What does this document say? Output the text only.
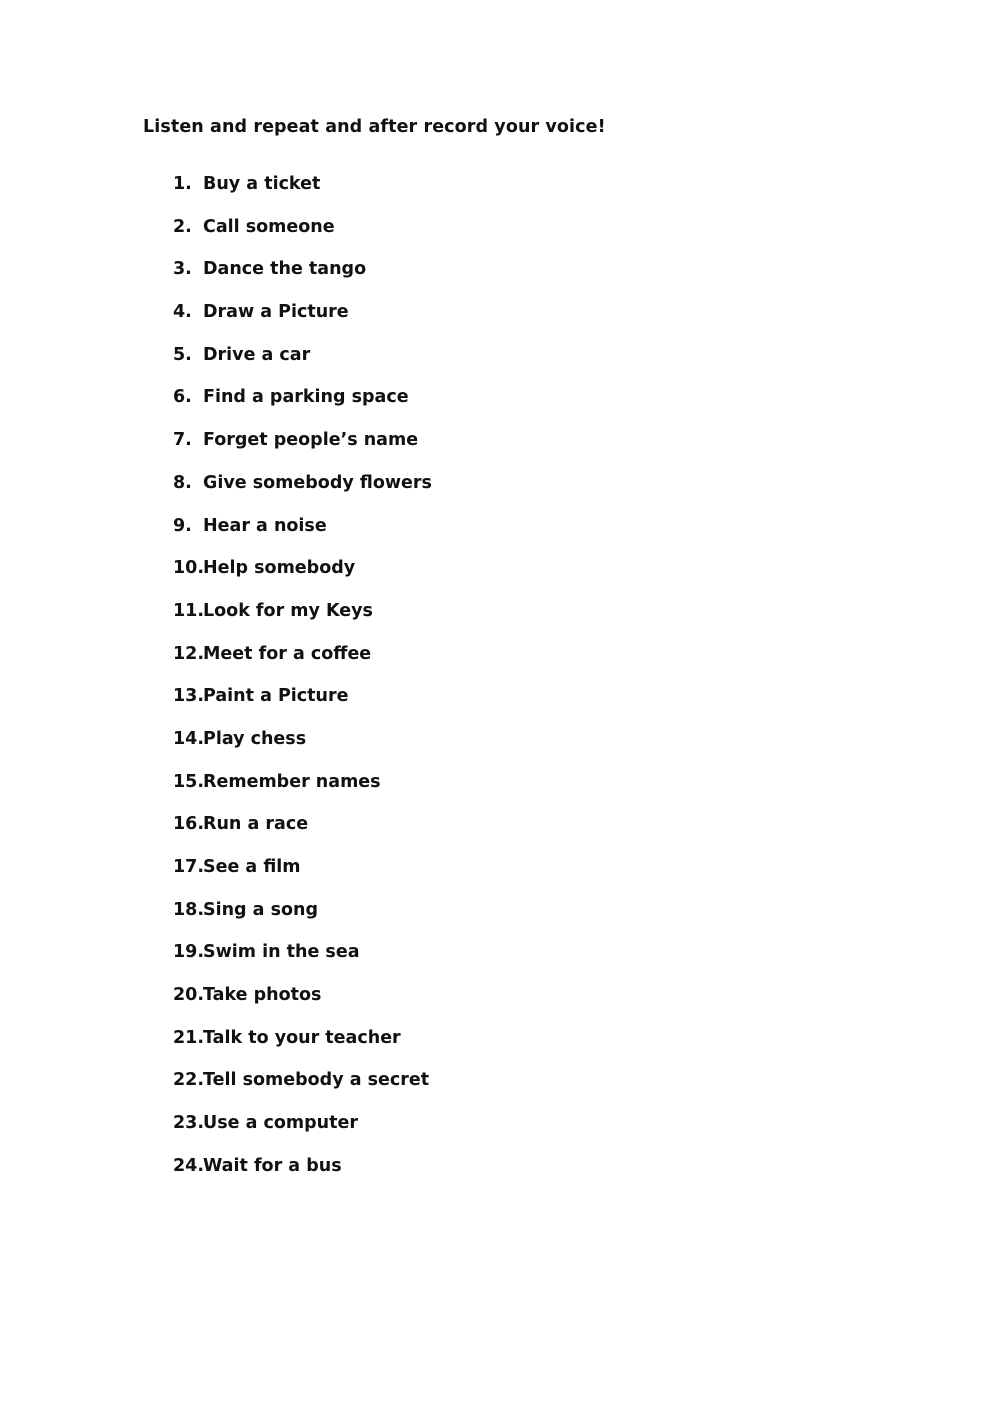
Listen and repeat and after record your voice!
1. Buy a ticket
2. Call someone
3. Dance the tango
4. Draw a Picture
5. Drive a car
6. Find a parking space
7. Forget people’s name
8. Give somebody flowers
9. Hear a noise
10.
Help somebody
11.
Look for my Keys
12.
Meet for a coffee
13.
Paint a Picture
14.
Play chess
15.
Remember names
16.
Run a race
17.
See a film
18.
Sing a song
19.
Swim in the sea
20.
Take photos
21.
Talk to your teacher
22.
Tell somebody a secret
23.
Use a computer
24.
Wait for a bus
